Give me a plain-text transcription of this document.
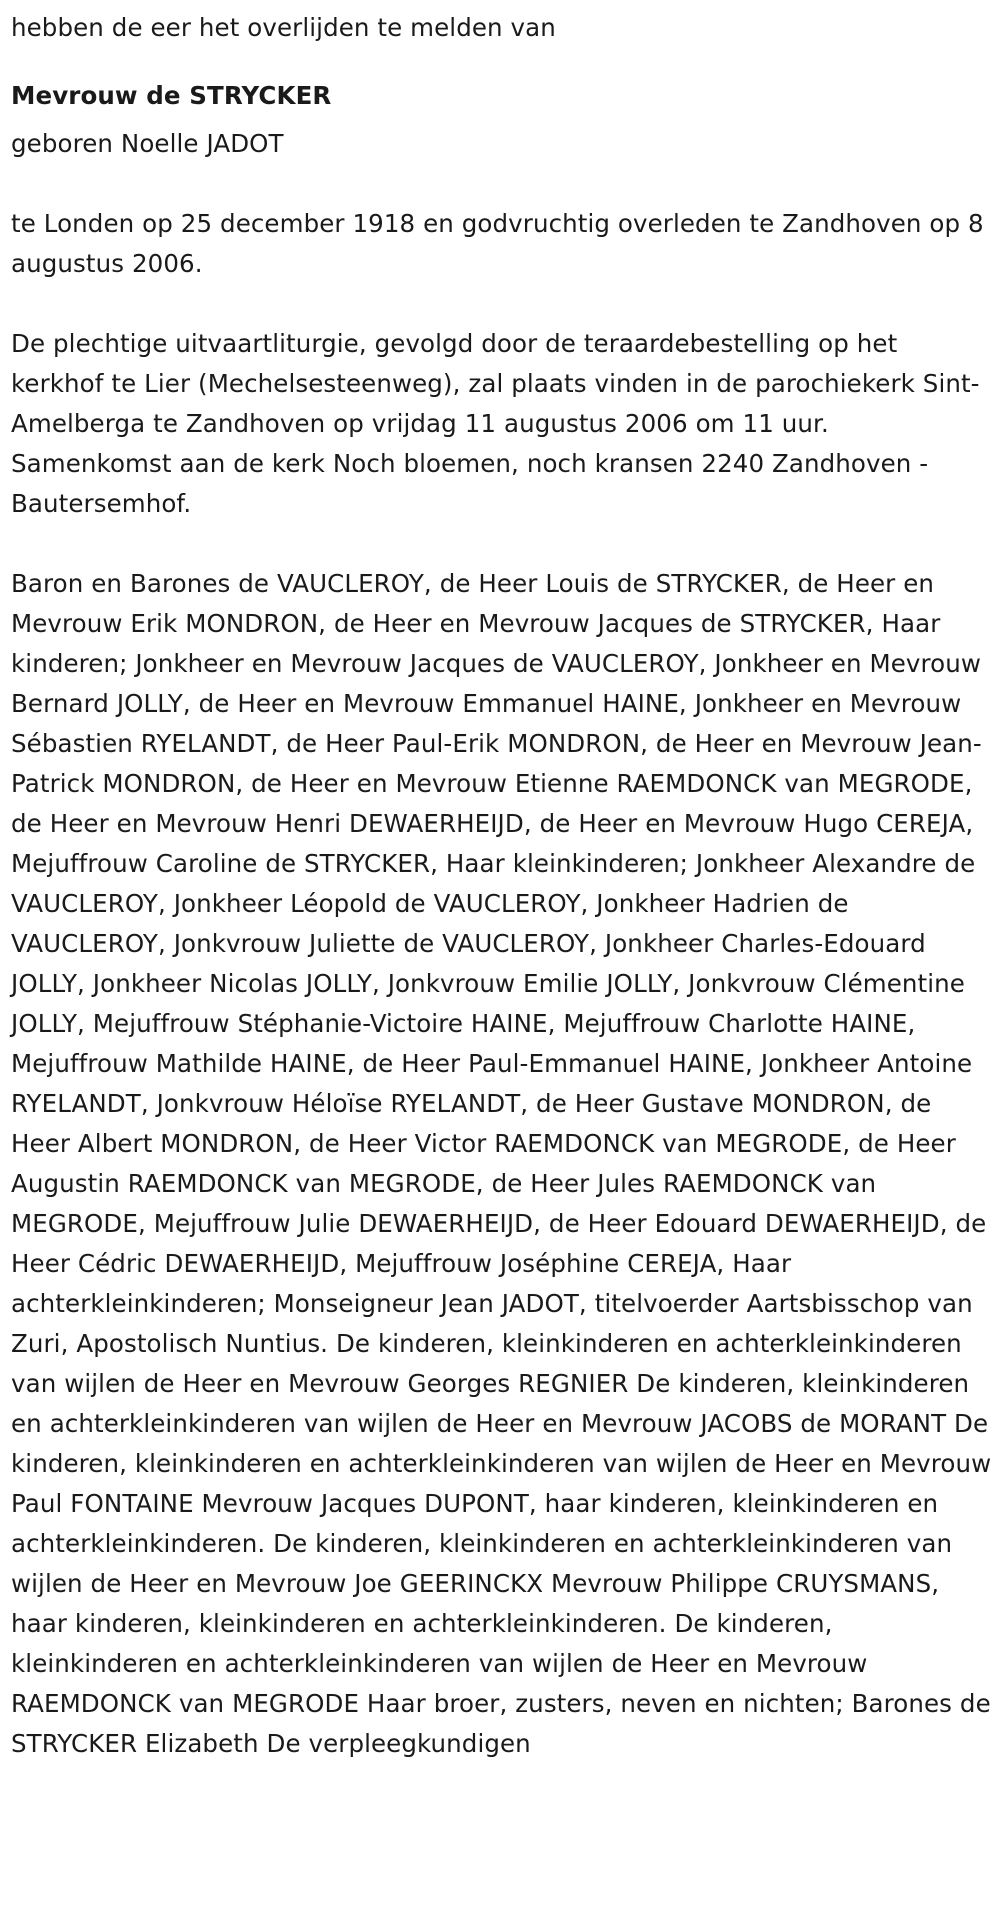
hebben de eer het overlijden te melden van

Mevrouw de STRYCKER

geboren Noelle JADOT

te Londen op 25 december 1918 en godvruchtig overleden te Zandhoven op 8 augustus 2006.

De plechtige uitvaartliturgie, gevolgd door de teraardebestelling op het kerkhof te Lier (Mechelsesteenweg), zal plaats vinden in de parochiekerk Sint-Amelberga te Zandhoven op vrijdag 11 augustus 2006 om 11 uur. Samenkomst aan de kerk Noch bloemen, noch kransen 2240 Zandhoven - Bautersemhof.

Baron en Barones de VAUCLEROY, de Heer Louis de STRYCKER, de Heer en Mevrouw Erik MONDRON, de Heer en Mevrouw Jacques de STRYCKER, Haar kinderen; Jonkheer en Mevrouw Jacques de VAUCLEROY, Jonkheer en Mevrouw Bernard JOLLY, de Heer en Mevrouw Emmanuel HAINE, Jonkheer en Mevrouw Sébastien RYELANDT, de Heer Paul-Erik MONDRON, de Heer en Mevrouw Jean-Patrick MONDRON, de Heer en Mevrouw Etienne RAEMDONCK van MEGRODE, de Heer en Mevrouw Henri DEWAERHEIJD, de Heer en Mevrouw Hugo CEREJA, Mejuffrouw Caroline de STRYCKER, Haar kleinkinderen; Jonkheer Alexandre de VAUCLEROY, Jonkheer Léopold de VAUCLEROY, Jonkheer Hadrien de VAUCLEROY, Jonkvrouw Juliette de VAUCLEROY, Jonkheer Charles-Edouard JOLLY, Jonkheer Nicolas JOLLY, Jonkvrouw Emilie JOLLY, Jonkvrouw Clémentine JOLLY, Mejuffrouw Stéphanie-Victoire HAINE, Mejuffrouw Charlotte HAINE, Mejuffrouw Mathilde HAINE, de Heer Paul-Emmanuel HAINE, Jonkheer Antoine RYELANDT, Jonkvrouw Héloïse RYELANDT, de Heer Gustave MONDRON, de Heer Albert MONDRON, de Heer Victor RAEMDONCK van MEGRODE, de Heer Augustin RAEMDONCK van MEGRODE, de Heer Jules RAEMDONCK van MEGRODE, Mejuffrouw Julie DEWAERHEIJD, de Heer Edouard DEWAERHEIJD, de Heer Cédric DEWAERHEIJD, Mejuffrouw Joséphine CEREJA, Haar achterkleinkinderen; Monseigneur Jean JADOT, titelvoerder Aartsbisschop van Zuri, Apostolisch Nuntius. De kinderen, kleinkinderen en achterkleinkinderen van wijlen de Heer en Mevrouw Georges REGNIER De kinderen, kleinkinderen en achterkleinkinderen van wijlen de Heer en Mevrouw JACOBS de MORANT De kinderen, kleinkinderen en achterkleinkinderen van wijlen de Heer en Mevrouw Paul FONTAINE Mevrouw Jacques DUPONT, haar kinderen, kleinkinderen en achterkleinkinderen. De kinderen, kleinkinderen en achterkleinkinderen van wijlen de Heer en Mevrouw Joe GEERINCKX Mevrouw Philippe CRUYSMANS, haar kinderen, kleinkinderen en achterkleinkinderen. De kinderen, kleinkinderen en achterkleinkinderen van wijlen de Heer en Mevrouw RAEMDONCK van MEGRODE Haar broer, zusters, neven en nichten; Barones de STRYCKER Elizabeth De verpleegkundigen
